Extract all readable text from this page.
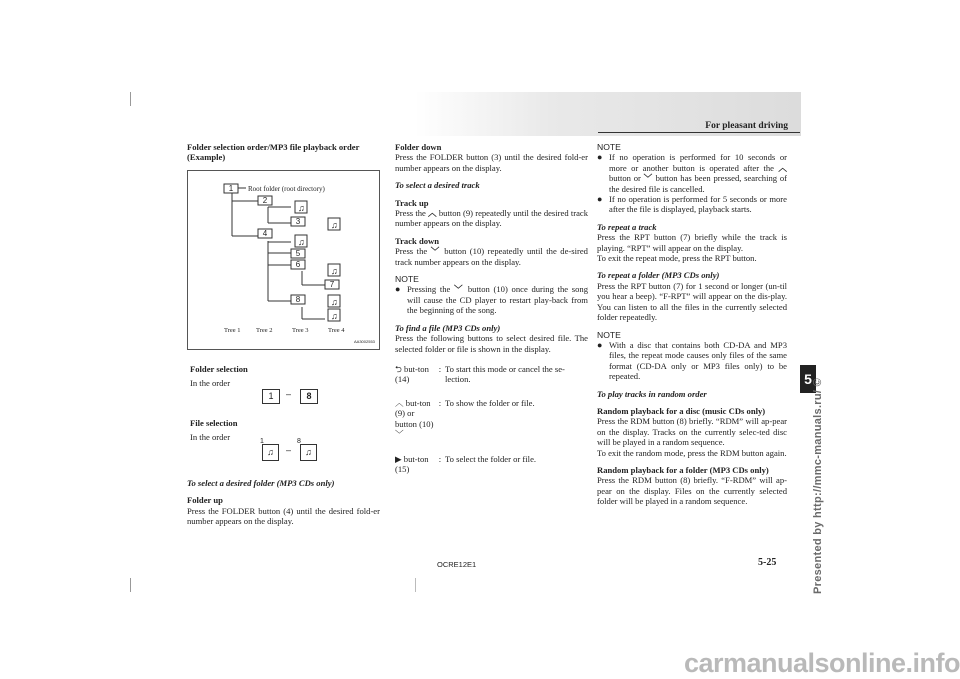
For pleasant driving

Folder selection order/MP3 file playback order (Example)

1
2
3
4
5
6
7
8
♫
♫
♫
♫
♫
♫
Root folder (root directory)
Tree 1 Tree 2	Tree 3	Tree 4
AA3002553

Folder selection

In the order

1	–	8

File selection

In the order

♫
1
–	♫
8

To select a desired folder (MP3 CDs only)

Folder up

Press the FOLDER button (4) until the desired fold-er number appears on the display.

Folder down

Press the FOLDER button (3) until the desired fold-er number appears on the display.

To select a desired track

Track up

Press the ︿ button (9) repeatedly until the desired track number appears on the display.

Track down

Press the ﹀ button (10) repeatedly until the de-sired track number appears on the display.

NOTE

● Pressing the ﹀ button (10) once during the song will cause the CD player to restart play-back from the beginning of the song.

To find a file (MP3 CDs only)

Press the following buttons to select desired file. The selected folder or file is shown in the display.

⮌ but-ton (14)
: To start this mode or cancel the se-lection.
︿ but-ton (9) or button (10) ﹀
: To show the folder or file.
▶ but-ton (15)
: To select the folder or file.

NOTE

● If no operation is performed for 10 seconds or more or another button is operated after the ︿ button or ﹀ button has been pressed, searching of the desired file is cancelled.
● If no operation is performed for 5 seconds or more after the file is displayed, playback starts.

To repeat a track

Press the RPT button (7) briefly while the track is playing. “RPT” will appear on the display.

To exit the repeat mode, press the RPT button.

To repeat a folder (MP3 CDs only)

Press the RPT button (7) for 1 second or longer (un-til you hear a beep). “F-RPT” will appear on the dis-play. You can listen to all the files in the currently selected folder repeatedly.

NOTE

● With a disc that contains both CD-DA and MP3 files, the repeat mode causes only files of the same format (CD-DA only or MP3 files only) to be repeated.

To play tracks in random order

Random playback for a disc (music CDs only)

Press the RDM button (8) briefly. “RDM” will ap-pear on the display. Tracks on the currently selec-ted disc will be played in a random sequence.

To exit the random mode, press the RDM button again.

Random playback for a folder (MP3 CDs only)

Press the RDM button (8) briefly. “F-RDM” will ap-pear on the display. Files on the currently selected folder will be played in a random sequence.

5 Presented by http://mmc-manuals.ru/ ©
OCRE12E1	5-25
carmanualsonline.info
